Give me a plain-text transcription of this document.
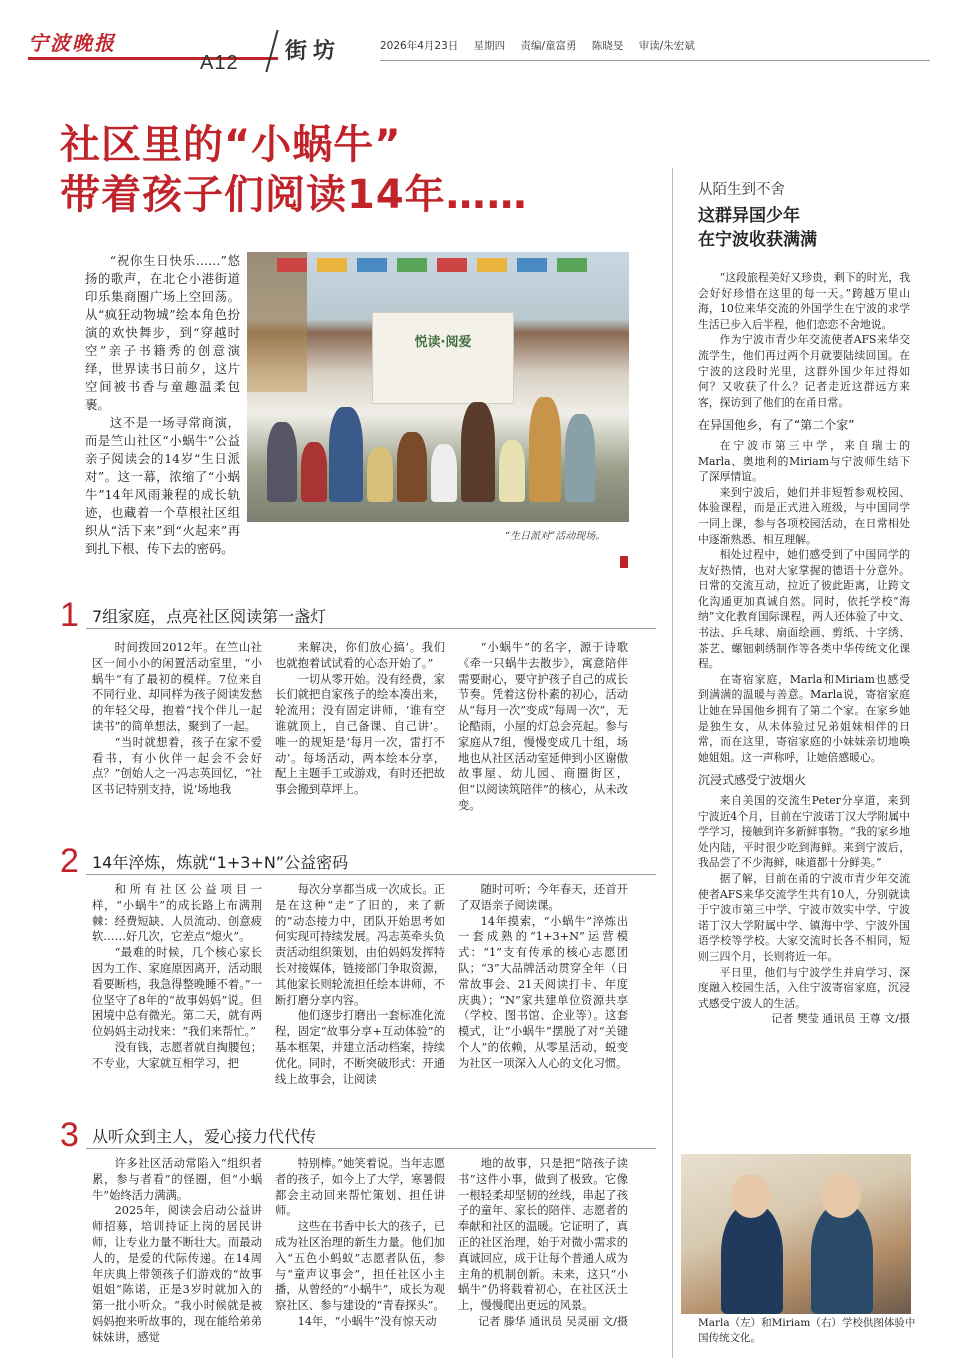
宁波晚报
A12 街坊	2026年4月23日 星期四 责编/童富勇 陈晓旻 审读/朱宏斌
社区里的“小蜗牛”
带着孩子们阅读14年……

“祝你生日快乐……”悠扬的歌声，在北仑小港街道印乐集商圈广场上空回荡。从“疯狂动物城”绘本角色扮演的欢快舞步，到“穿越时空”亲子书籍秀的创意演绎，世界读书日前夕，这片空间被书香与童趣温柔包裹。

这不是一场寻常商演，而是竺山社区“小蜗牛”公益亲子阅读会的14岁“生日派对”。这一幕，浓缩了“小蜗牛”14年风雨兼程的成长轨迹，也藏着一个草根社区组织从“活下来”到“火起来”再到扎下根、传下去的密码。

悦读·阅爱
“生日派对”活动现场。
1 7组家庭，点亮社区阅读第一盏灯

时间拨回2012年。在竺山社区一间小小的闲置活动室里，“小蜗牛”有了最初的模样。7位来自不同行业、却同样为孩子阅读发愁的年轻父母，抱着“找个伴儿一起读书”的简单想法，聚到了一起。

“当时就想着，孩子在家不爱看书，有小伙伴一起会不会好点？”创始人之一冯志英回忆，“社区书记特别支持，说‘场地我

来解决，你们放心搞’。我们也就抱着试试看的心态开始了。”

一切从零开始。没有经费，家长们就把自家孩子的绘本凑出来，轮流用；没有固定讲师，‘谁有空谁就顶上，自己备课、自己讲’。唯一的规矩是‘每月一次，雷打不动’。每场活动，两本绘本分享，配上主题手工或游戏，有时还把故事会搬到草坪上。

“小蜗牛”的名字，源于诗歌《牵一只蜗牛去散步》，寓意陪伴需要耐心，要守护孩子自己的成长节奏。凭着这份朴素的初心，活动从“每月一次”变成“每周一次”，无论酷雨，小屋的灯总会亮起。参与家庭从7组，慢慢变成几十组，场地也从社区活动室延伸到小区谢傲故事屋、幼儿园、商圈街区，但“以阅读筑陪伴”的核心，从未改变。

2 14年淬炼，炼就“1+3+N”公益密码

和所有社区公益项目一样，“小蜗牛”的成长路上布满荆棘：经费短缺、人员流动、创意疲软……好几次，它差点“熄火”。

“最难的时候，几个核心家长因为工作、家庭原因离开，活动眼看要断档，我急得整晚睡不着。”一位坚守了8年的“故事妈妈”说。但困境中总有微光。第二天，就有两位妈妈主动找来：“我们来帮忙。”

没有钱，志愿者就自掏腰包；不专业，大家就互相学习，把

每次分享都当成一次成长。正是在这种“走”了旧的，来了新的”动态接力中，团队开始思考如何实现可持续发展。冯志英牵头负责活动组织策划，由伯妈妈发挥特长对接媒体，链接部门争取资源，其他家长则轮流担任绘本讲师，不断打磨分享内容。

他们逐步打磨出一套标准化流程，固定“故事分享+互动体验”的基本框架，并建立活动档案，持续优化。同时，不断突破形式：开通线上故事会，让阅读

随时可听；今年春天，还首开了双语亲子阅读课。

14年摸索，“小蜗牛”淬炼出一套成熟的“1+3+N”运营模式：“1”支有传承的核心志愿团队；“3”大品牌活动贯穿全年（日常故事会、21天阅读打卡、年度庆典）；“N”家共建单位资源共享（学校、图书馆、企业等）。这套模式，让“小蜗牛”摆脱了对“关键个人”的依赖，从零星活动，蜕变为社区一项深入人心的文化习惯。

3 从听众到主人，爱心接力代代传

许多社区活动常陷入“组织者累，参与者看”的怪圈，但“小蜗牛”始终活力满满。

2025年，阅读会启动公益讲师招募，培训持证上岗的居民讲师，让专业力量不断壮大。而最动人的，是爱的代际传递。在14周年庆典上带领孩子们游戏的“故事姐姐”陈诺，正是3岁时就加入的第一批小听众。“我小时候就是被妈妈抱来听故事的，现在能给弟弟妹妹讲，感觉

特别棒。”她笑着说。当年志愿者的孩子，如今上了大学，寒暑假都会主动回来帮忙策划、担任讲师。

这些在书香中长大的孩子，已成为社区治理的新生力量。他们加入“五色小蚂蚁”志愿者队伍，参与“童声议事会”，担任社区小主播，从曾经的“小蜗牛”，成长为观察社区、参与建设的“青春探头”。

14年，“小蜗牛”没有惊天动

地的故事，只是把“陪孩子读书”这件小事，做到了极致。它像一根轻柔却坚韧的丝线，串起了孩子的童年、家长的陪伴、志愿者的奉献和社区的温暖。它证明了，真正的社区治理，始于对微小需求的真诚回应，成于让每个普通人成为主角的机制创新。未来，这只“小蜗牛”仍将载着初心，在社区沃土上，慢慢爬出更远的风景。

记者 滕华 通讯员 吴灵丽 文/摄

从陌生到不舍
这群异国少年
在宁波收获满满

“这段旅程美好又珍贵，剩下的时光，我会好好珍惜在这里的每一天。”跨越万里山海，10位来华交流的外国学生在宁波的求学生活已步入后半程，他们恋恋不舍地说。

作为宁波市青少年交流使者AFS来华交流学生，他们再过两个月就要陆续回国。在宁波的这段时光里，这群外国少年过得如何？又收获了什么？记者走近这群远方来客，探访到了他们的在甬日常。

在异国他乡，有了“第二个家”

在宁波市第三中学，来自瑞士的Marla、奥地利的Miriam与宁波师生结下了深厚情谊。

来到宁波后，她们并非短暂参观校园、体验课程，而是正式进入班级，与中国同学一同上课，参与各项校园活动，在日常相处中逐渐熟悉、相互理解。

相处过程中，她们感受到了中国同学的友好热情，也对大家掌握的德语十分意外。日常的交流互动，拉近了彼此距离，让跨文化沟通更加真诚自然。同时，依托学校“海纳”文化教育国际课程，两人还体验了中文、书法、乒乓球、扇面绘画、剪纸、十字绣、茶艺、螺钿刺绣制作等各类中华传统文化课程。

在寄宿家庭，Marla和Miriam也感受到满满的温暖与善意。Marla说，寄宿家庭让她在异国他乡拥有了第二个家。在家乡她是独生女，从未体验过兄弟姐妹相伴的日常，而在这里，寄宿家庭的小妹妹亲切地唤她姐姐。这一声称呼，让她倍感暖心。

沉浸式感受宁波烟火

来自美国的交流生Peter分享道，来到宁波近4个月，目前在宁波诺丁汉大学附属中学学习，接触到许多新鲜事物。“我的家乡地处内陆，平时很少吃到海鲜。来到宁波后，我品尝了不少海鲜，味道都十分鲜美。”

据了解，目前在甬的宁波市青少年交流使者AFS来华交流学生共有10人，分别就读于宁波市第三中学、宁波市效实中学、宁波诺丁汉大学附属中学、镇海中学、宁波外国语学校等学校。大家交流时长各不相同，短则三四个月，长则将近一年。

平日里，他们与宁波学生并肩学习、深度融入校园生活，入住宁波寄宿家庭，沉浸式感受宁波人的生活。

记者 樊莹 通讯员 王尊 文/摄

Marla（左）和Miriam（右）学校供图体验中国传统文化。
